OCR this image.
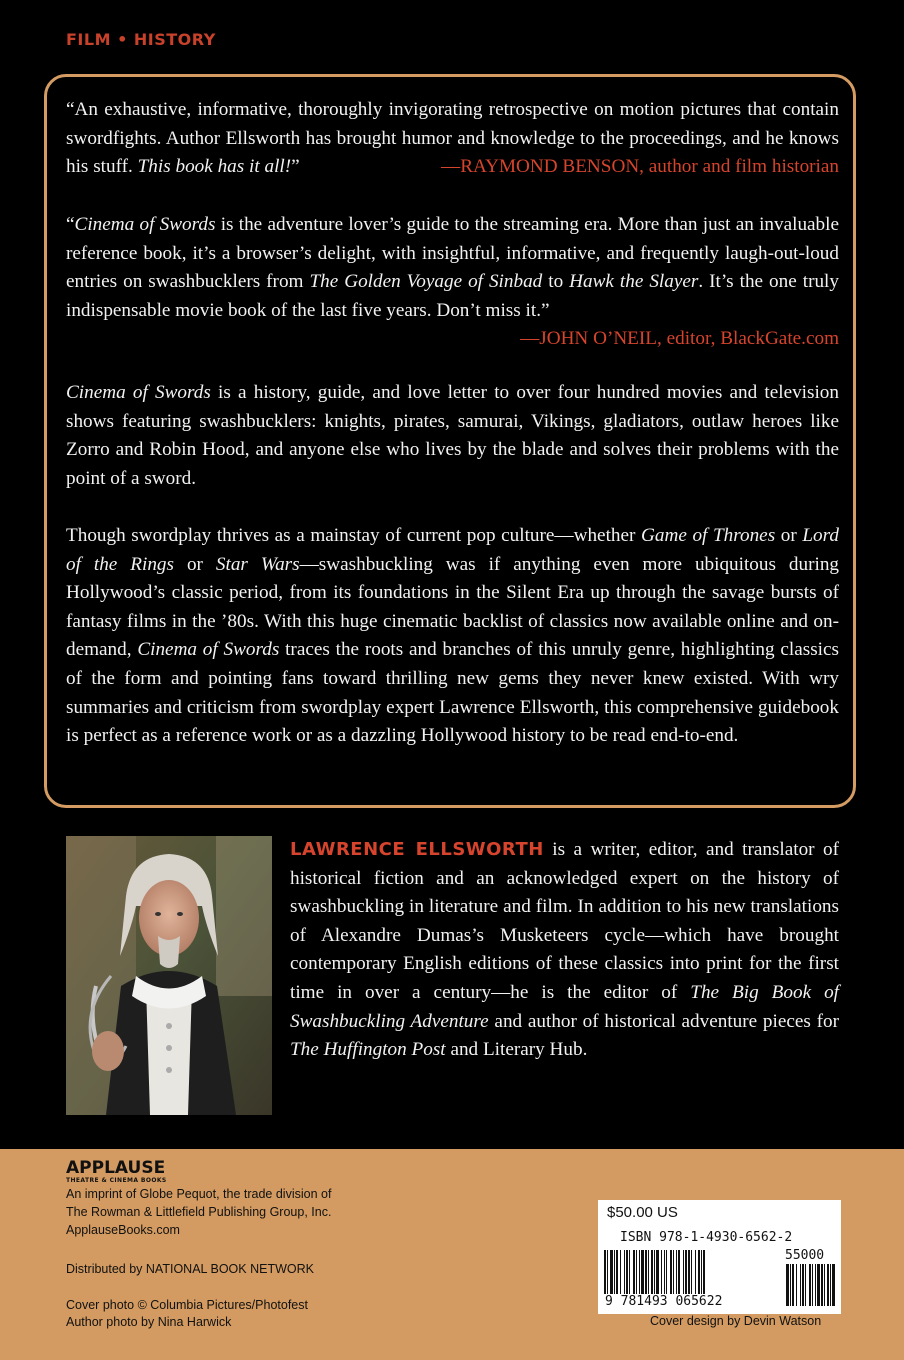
FILM • HISTORY

“An exhaustive, informative, thoroughly invigorating retrospective on motion pictures that contain swordfights. Author Ellsworth has brought humor and knowledge to the proceedings, and he knows his stuff. This book has it all!”	—RAYMOND BENSON, author and film historian

“Cinema of Swords is the adventure lover’s guide to the streaming era. More than just an invaluable reference book, it’s a browser’s delight, with insightful, informative, and frequently laugh-out-loud entries on swashbucklers from The Golden Voyage of Sinbad to Hawk the Slayer. It’s the one truly indispensable movie book of the last five years. Don’t miss it.”

—JOHN O’NEIL, editor, BlackGate.com

Cinema of Swords is a history, guide, and love letter to over four hundred movies and television shows featuring swashbucklers: knights, pirates, samurai, Vikings, gladiators, outlaw heroes like Zorro and Robin Hood, and anyone else who lives by the blade and solves their problems with the point of a sword.

Though swordplay thrives as a mainstay of current pop culture—whether Game of Thrones or Lord of the Rings or Star Wars—swashbuckling was if anything even more ubiquitous during Hollywood’s classic period, from its foundations in the Silent Era up through the savage bursts of fantasy films in the ’80s. With this huge cinematic backlist of classics now available online and on-demand, Cinema of Swords traces the roots and branches of this unruly genre, highlighting classics of the form and pointing fans toward thrilling new gems they never knew existed. With wry summaries and criticism from swordplay expert Lawrence Ellsworth, this comprehensive guidebook is perfect as a reference work or as a dazzling Hollywood history to be read end-to-end.

LAWRENCE ELLSWORTH is a writer, editor, and translator of historical fiction and an acknowledged expert on the history of swashbuckling in literature and film. In addition to his new translations of Alexandre Dumas’s Musketeers cycle—which have brought contemporary English editions of these classics into print for the first time in over a century—he is the editor of The Big Book of Swashbuckling Adventure and author of historical adventure pieces for The Huffington Post and Literary Hub.
APPLAUSE
THEATRE & CINEMA BOOKS
An imprint of Globe Pequot, the trade division of
The Rowman & Littlefield Publishing Group, Inc.
ApplauseBooks.com
Distributed by NATIONAL BOOK NETWORK
Cover photo © Columbia Pictures/Photofest
Author photo by Nina Harwick
$50.00 US
ISBN 978-1-4930-6562-2
55000
9 781493 065622
Cover design by Devin Watson
